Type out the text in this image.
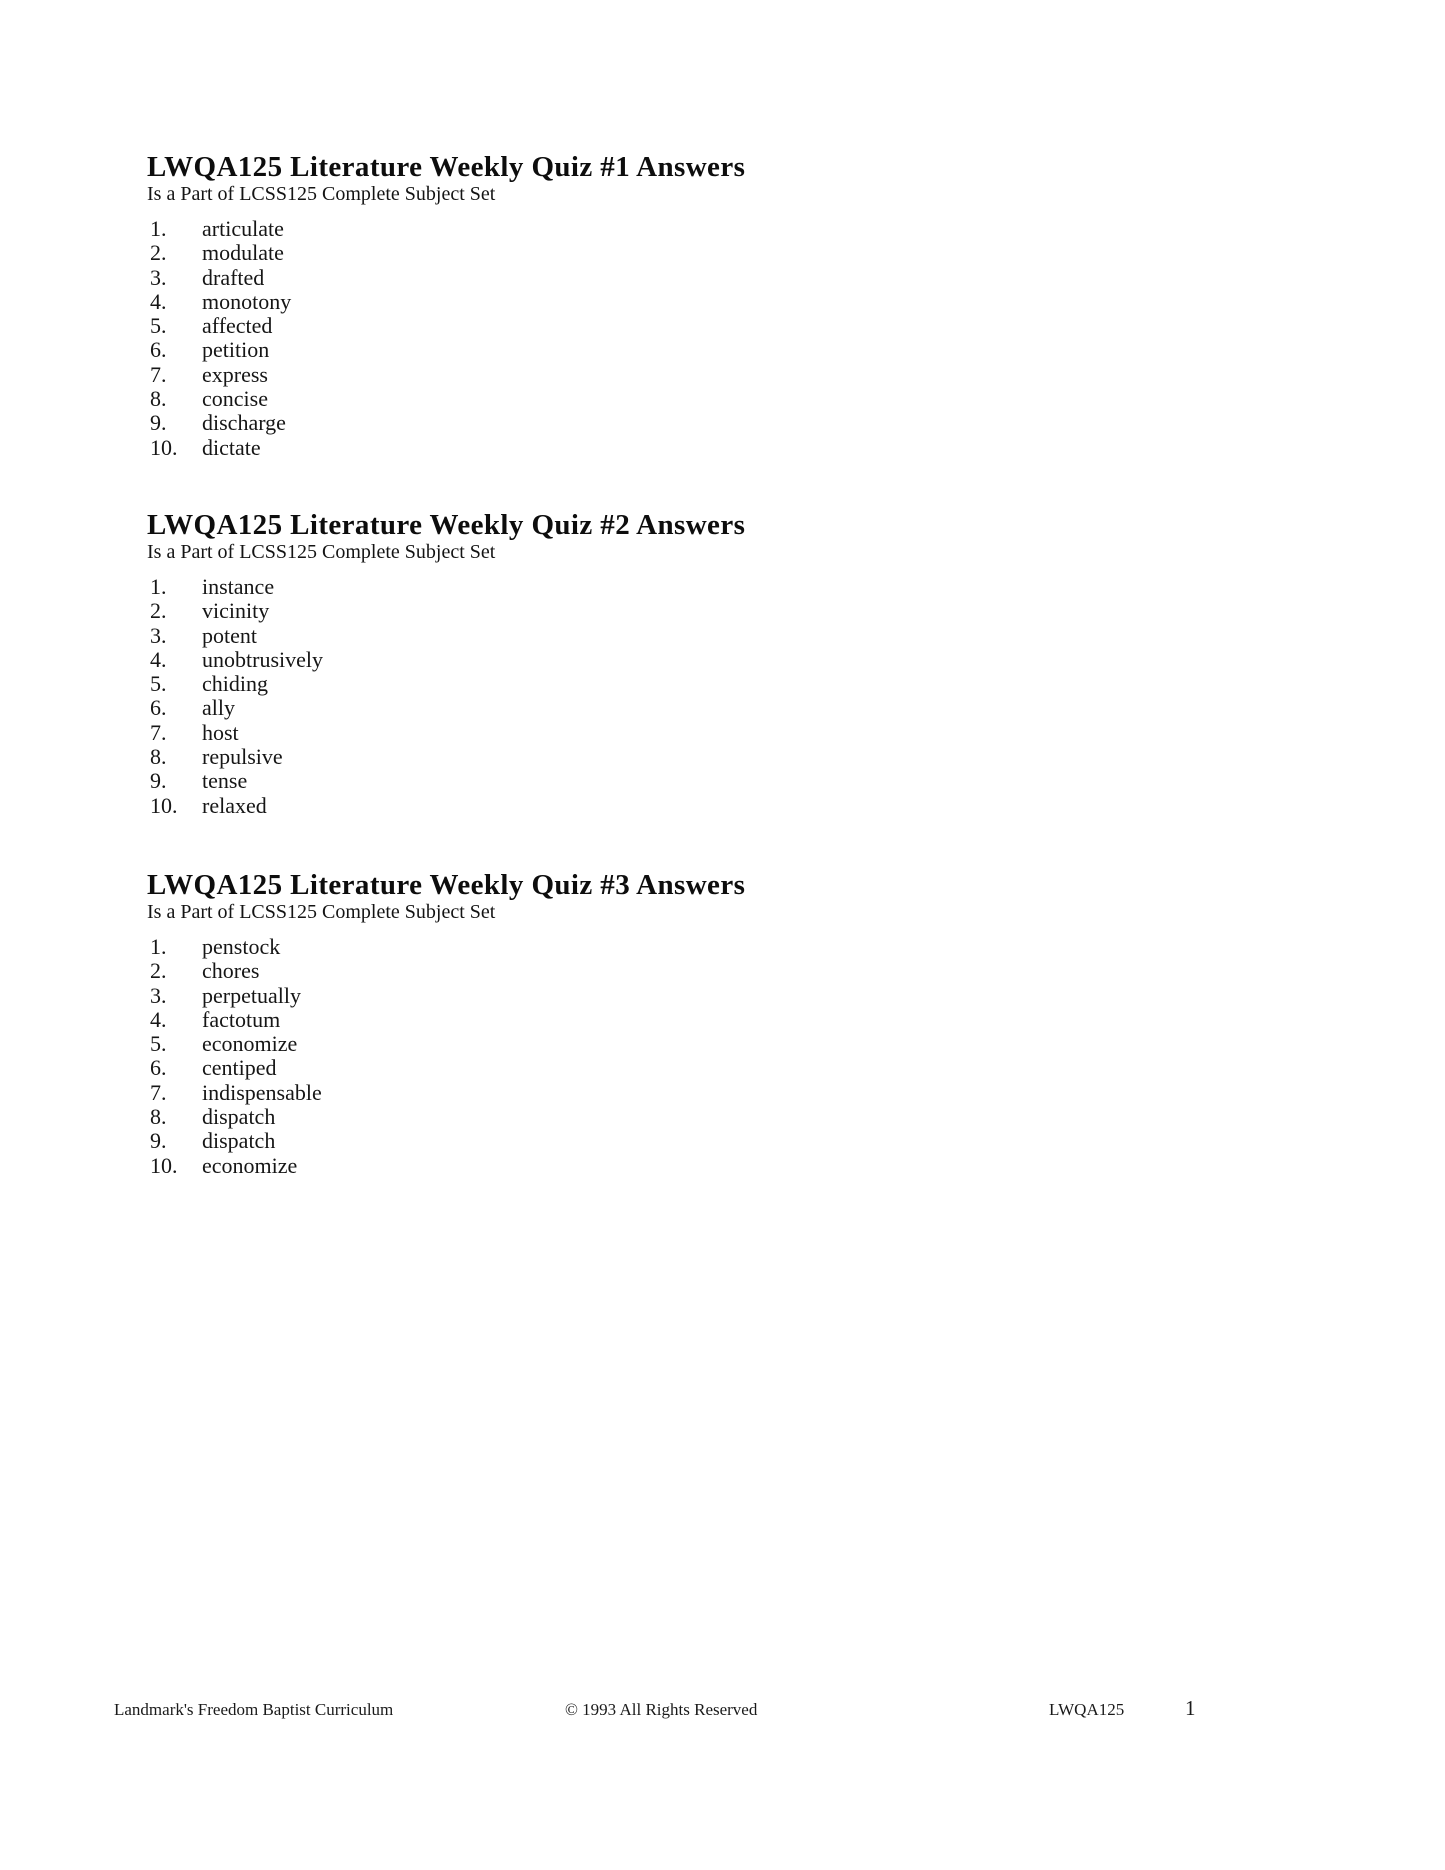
LWQA125 Literature Weekly Quiz #1 Answers

Is a Part of LCSS125 Complete Subject Set

1. articulate
2. modulate
3. drafted
4. monotony
5. affected
6. petition
7. express
8. concise
9. discharge
10. dictate
LWQA125 Literature Weekly Quiz #2 Answers

Is a Part of LCSS125 Complete Subject Set

1. instance
2. vicinity
3. potent
4. unobtrusively
5. chiding
6. ally
7. host
8. repulsive
9. tense
10. relaxed
LWQA125 Literature Weekly Quiz #3 Answers

Is a Part of LCSS125 Complete Subject Set

1. penstock
2. chores
3. perpetually
4. factotum
5. economize
6. centiped
7. indispensable
8. dispatch
9. dispatch
10. economize
Landmark's Freedom Baptist Curriculum	© 1993 All Rights Reserved	LWQA125	1
